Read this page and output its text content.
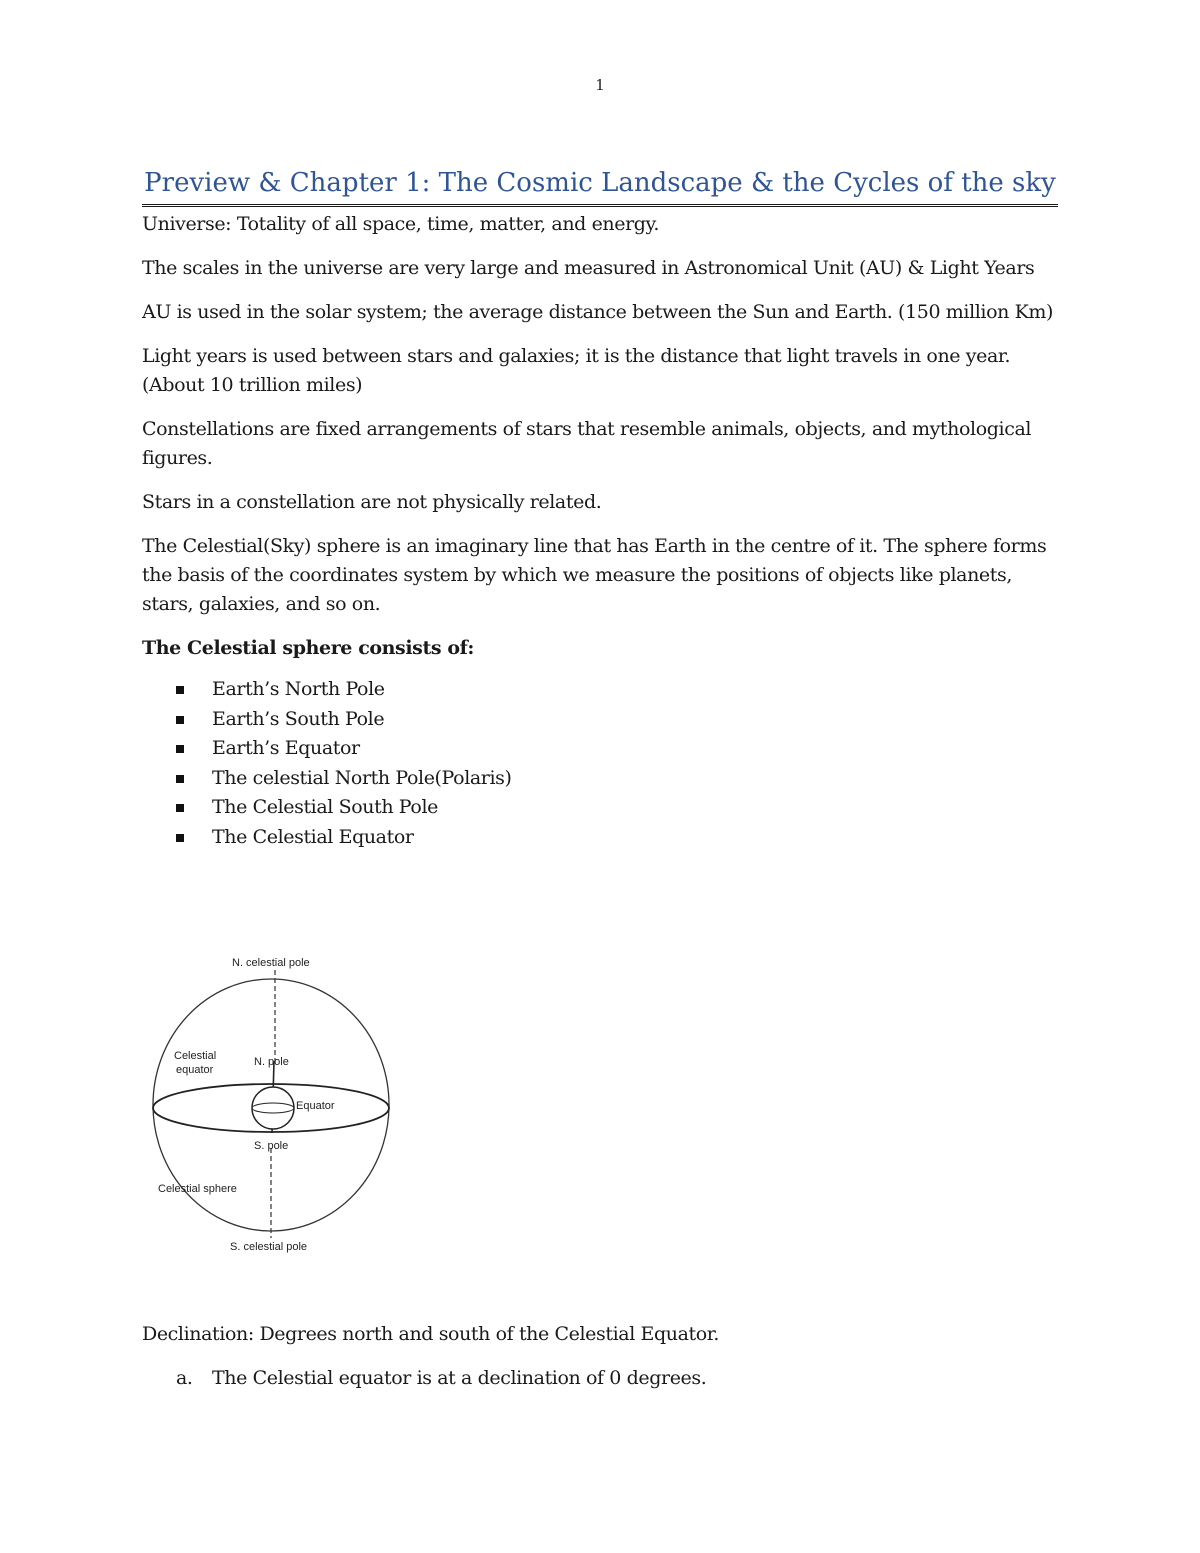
1
Preview & Chapter 1: The Cosmic Landscape & the Cycles of the sky

Universe: Totality of all space, time, matter, and energy.

The scales in the universe are very large and measured in Astronomical Unit (AU) & Light Years

AU is used in the solar system; the average distance between the Sun and Earth. (150 million Km)

Light years is used between stars and galaxies; it is the distance that light travels in one year. (About 10 trillion miles)

Constellations are fixed arrangements of stars that resemble animals, objects, and mythological figures.

Stars in a constellation are not physically related.

The Celestial(Sky) sphere is an imaginary line that has Earth in the centre of it. The sphere forms the basis of the coordinates system by which we measure the positions of objects like planets, stars, galaxies, and so on.

The Celestial sphere consists of:

Earth’s North Pole
Earth’s South Pole
Earth’s Equator
The celestial North Pole(Polaris)
The Celestial South Pole
The Celestial Equator
N. celestial pole
Celestial
equator
N. pole
Equator
S. pole
Celestial sphere
S. celestial pole

Declination: Degrees north and south of the Celestial Equator.

a. The Celestial equator is at a declination of 0 degrees.
